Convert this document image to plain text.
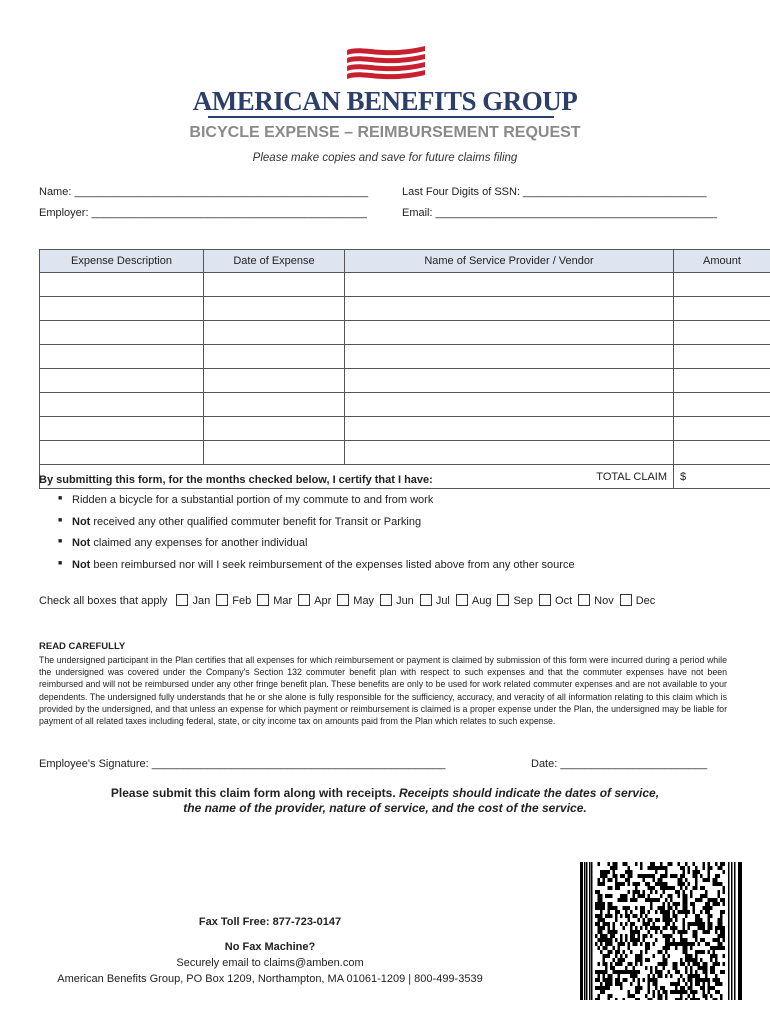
AMERICAN BENEFITS GROUP
BICYCLE EXPENSE – REIMBURSEMENT REQUEST
Please make copies and save for future claims filing
Name: ________________________________________________	Last Four Digits of SSN: ______________________________
Employer: _____________________________________________	Email: ______________________________________________
Expense Description	Date of Expense	Name of Service Provider / Vendor	Amount

TOTAL CLAIM			$
By submitting this form, for the months checked below, I certify that I have:
■ Ridden a bicycle for a substantial portion of my commute to and from work
■ Not received any other qualified commuter benefit for Transit or Parking
■ Not claimed any expenses for another individual
■ Not been reimbursed nor will I seek reimbursement of the expenses listed above from any other source
Check all boxes that apply Jan Feb Mar Apr May Jun Jul Aug Sep Oct Nov Dec
READ CAREFULLY
The undersigned participant in the Plan certifies that all expenses for which reimbursement or payment is claimed by submission of this form were incurred during a period while the undersigned was covered under the Company's Section 132 commuter benefit plan with respect to such expenses and that the commuter expenses have not been reimbursed and will not be reimbursed under any other fringe benefit plan. These benefits are only to be used for work related commuter expenses and are not available to your dependents. The undersigned fully understands that he or she alone is fully responsible for the sufficiency, accuracy, and veracity of all information relating to this claim which is provided by the undersigned, and that unless an expense for which payment or reimbursement is claimed is a proper expense under the Plan, the undersigned may be liable for payment of all related taxes including federal, state, or city income tax on amounts paid from the Plan which relates to such expense.
Employee's Signature: ________________________________________________	Date: ________________________
Please submit this claim form along with receipts. Receipts should indicate the dates of service,
the name of the provider, nature of service, and the cost of the service.
Fax Toll Free: 877-723-0147
No Fax Machine?
Securely email to claims@amben.com
American Benefits Group, PO Box 1209, Northampton, MA 01061-1209 | 800-499-3539
